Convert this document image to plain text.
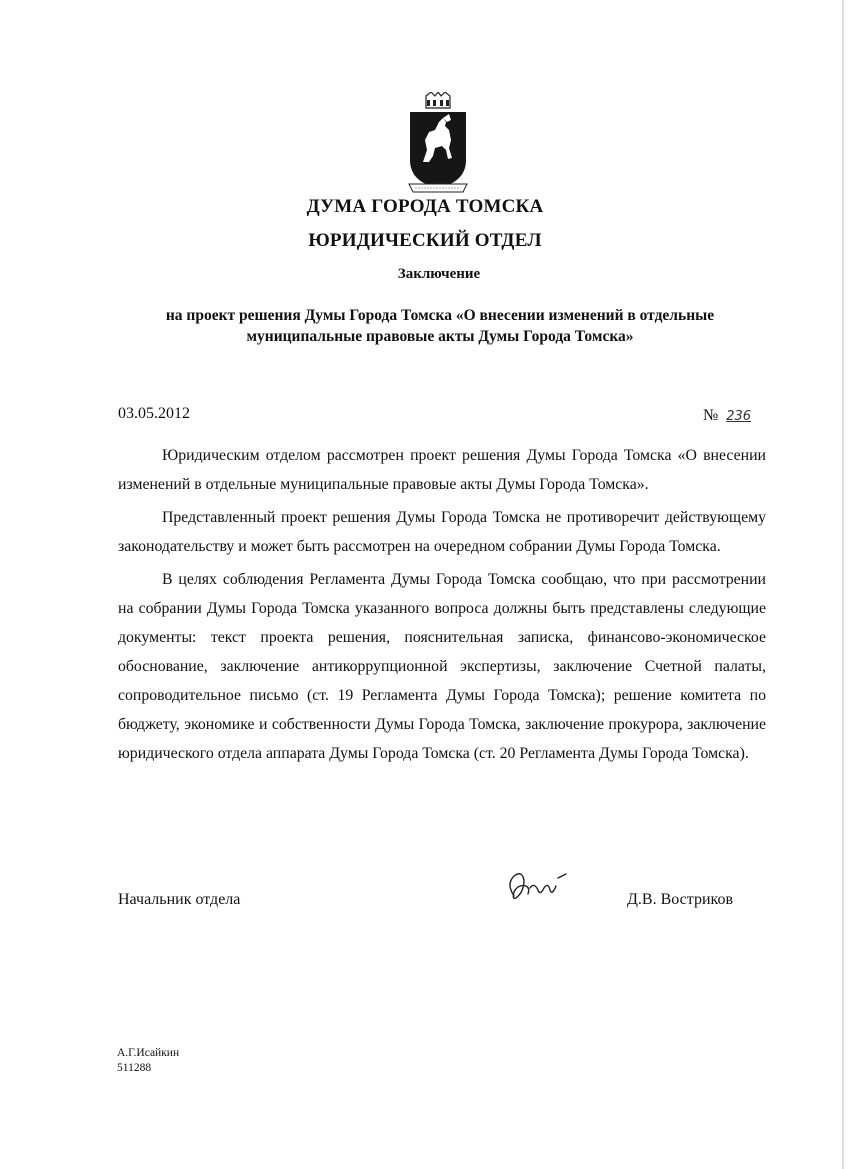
ДУМА ГОРОДА ТОМСКА
ЮРИДИЧЕСКИЙ ОТДЕЛ
Заключение
на проект решения Думы Города Томска «О внесении изменений в отдельные
муниципальные правовые акты Думы Города Томска»
03.05.2012	№ 236

Юридическим отделом рассмотрен проект решения Думы Города Томска «О внесении изменений в отдельные муниципальные правовые акты Думы Города Томска».

Представленный проект решения Думы Города Томска не противоречит действующему законодательству и может быть рассмотрен на очередном собрании Думы Города Томска.

В целях соблюдения Регламента Думы Города Томска сообщаю, что при рассмотрении на собрании Думы Города Томска указанного вопроса должны быть представлены следующие документы: текст проекта решения, пояснительная записка, финансово-экономическое обоснование, заключение антикоррупционной экспертизы, заключение Счетной палаты, сопроводительное письмо (ст. 19 Регламента Думы Города Томска); решение комитета по бюджету, экономике и собственности Думы Города Томска, заключение прокурора, заключение юридического отдела аппарата Думы Города Томска (ст. 20 Регламента Думы Города Томска).

Начальник отдела	Д.В. Востриков
А.Г.Исайкин
511288
